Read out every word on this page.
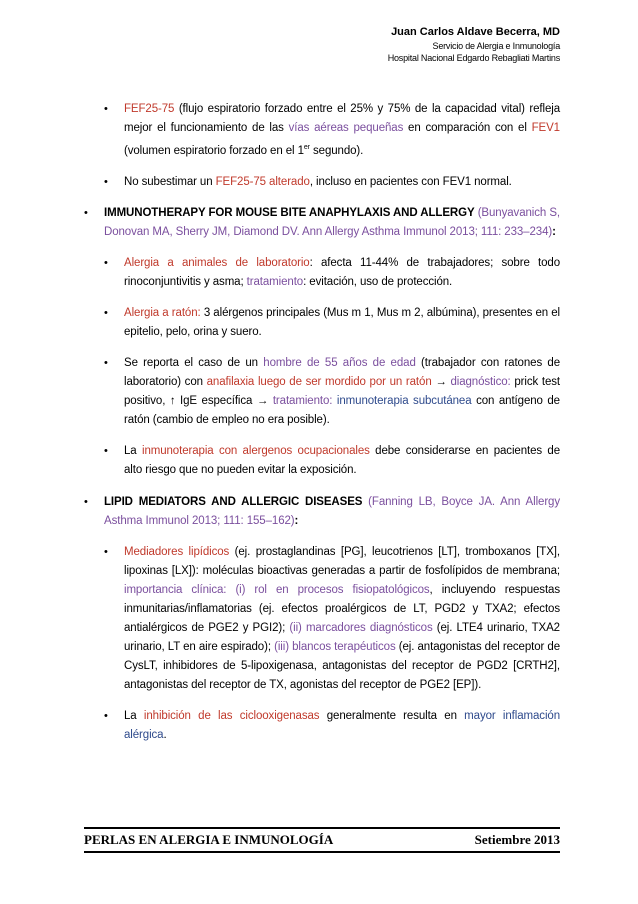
Juan Carlos Aldave Becerra, MD
Servicio de Alergia e Inmunología
Hospital Nacional Edgardo Rebagliati Martins
• FEF25-75 (flujo espiratorio forzado entre el 25% y 75% de la capacidad vital) refleja mejor el funcionamiento de las vías aéreas pequeñas en comparación con el FEV1 (volumen espiratorio forzado en el 1er segundo).
• No subestimar un FEF25-75 alterado, incluso en pacientes con FEV1 normal.
• IMMUNOTHERAPY FOR MOUSE BITE ANAPHYLAXIS AND ALLERGY (Bunyavanich S, Donovan MA, Sherry JM, Diamond DV. Ann Allergy Asthma Immunol 2013; 111: 233–234):
• Alergia a animales de laboratorio: afecta 11-44% de trabajadores; sobre todo rinoconjuntivitis y asma; tratamiento: evitación, uso de protección.
• Alergia a ratón: 3 alérgenos principales (Mus m 1, Mus m 2, albúmina), presentes en el epitelio, pelo, orina y suero.
• Se reporta el caso de un hombre de 55 años de edad (trabajador con ratones de laboratorio) con anafilaxia luego de ser mordido por un ratón → diagnóstico: prick test positivo, ↑ IgE específica → tratamiento: inmunoterapia subcutánea con antígeno de ratón (cambio de empleo no era posible).
• La inmunoterapia con alergenos ocupacionales debe considerarse en pacientes de alto riesgo que no pueden evitar la exposición.
• LIPID MEDIATORS AND ALLERGIC DISEASES (Fanning LB, Boyce JA. Ann Allergy Asthma Immunol 2013; 111: 155–162):
• Mediadores lipídicos (ej. prostaglandinas [PG], leucotrienos [LT], tromboxanos [TX], lipoxinas [LX]): moléculas bioactivas generadas a partir de fosfolípidos de membrana; importancia clínica: (i) rol en procesos fisiopatológicos, incluyendo respuestas inmunitarias/inflamatorias (ej. efectos proalérgicos de LT, PGD2 y TXA2; efectos antialérgicos de PGE2 y PGI2); (ii) marcadores diagnósticos (ej. LTE4 urinario, TXA2 urinario, LT en aire espirado); (iii) blancos terapéuticos (ej. antagonistas del receptor de CysLT, inhibidores de 5-lipoxigenasa, antagonistas del receptor de PGD2 [CRTH2], antagonistas del receptor de TX, agonistas del receptor de PGE2 [EP]).
• La inhibición de las ciclooxigenasas generalmente resulta en mayor inflamación alérgica.
PERLAS EN ALERGIA E INMUNOLOGÍA	Setiembre 2013
